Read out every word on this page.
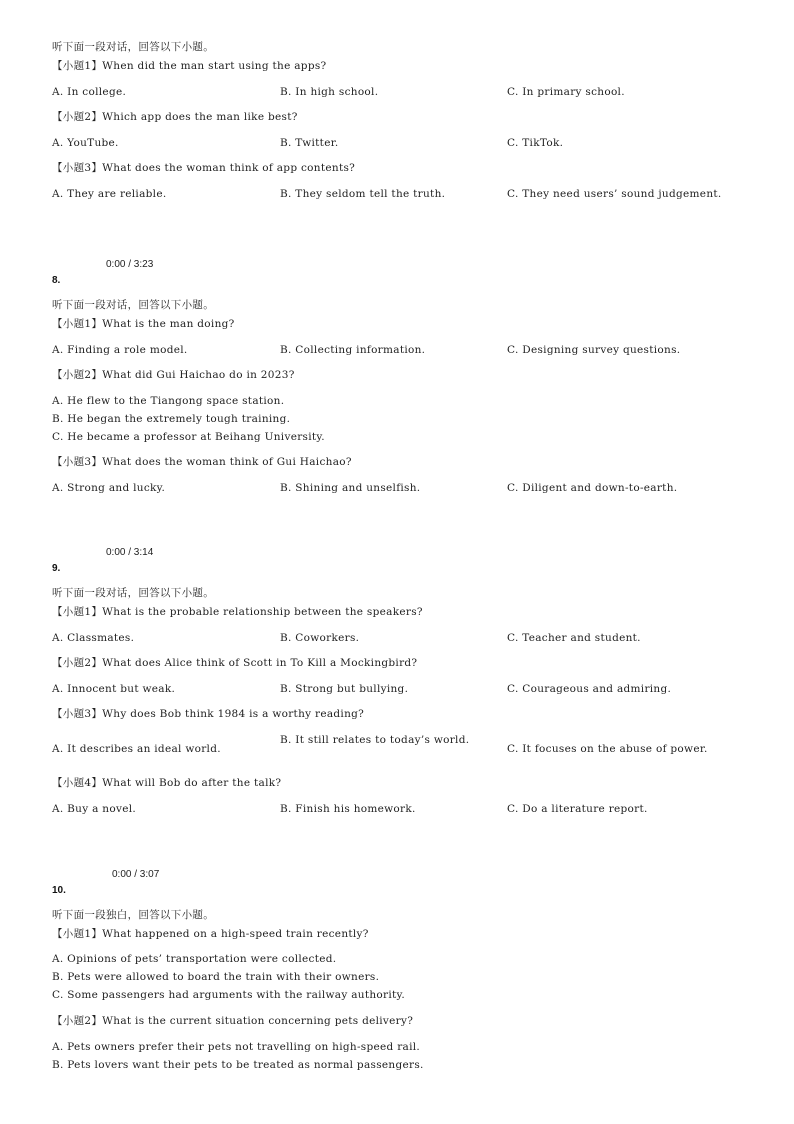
听下面一段对话，回答以下小题。
【小题1】When did the man start using the apps?
A. In college.	B. In high school.	C. In primary school.
【小题2】Which app does the man like best?
A. YouTube.	B. Twitter.	C. TikTok.
【小题3】What does the woman think of app contents?
A. They are reliable.	B. They seldom tell the truth.	C. They need users’ sound judgement.
0:00 / 3:23
8.
听下面一段对话，回答以下小题。
【小题1】What is the man doing?
A. Finding a role model.	B. Collecting information.	C. Designing survey questions.
【小题2】What did Gui Haichao do in 2023?
A. He flew to the Tiangong space station.
B. He began the extremely tough training.
C. He became a professor at Beihang University.
【小题3】What does the woman think of Gui Haichao?
A. Strong and lucky.	B. Shining and unselfish.	C. Diligent and down-to-earth.
0:00 / 3:14
9.
听下面一段对话，回答以下小题。
【小题1】What is the probable relationship between the speakers?
A. Classmates.	B. Coworkers.	C. Teacher and student.
【小题2】What does Alice think of Scott in To Kill a Mockingbird?
A. Innocent but weak.	B. Strong but bullying.	C. Courageous and admiring.
【小题3】Why does Bob think 1984 is a worthy reading?
A. It describes an ideal world.
B. It still relates to today’s world.
C. It focuses on the abuse of power.
【小题4】What will Bob do after the talk?
A. Buy a novel.	B. Finish his homework.	C. Do a literature report.
0:00 / 3:07
10.
听下面一段独白，回答以下小题。
【小题1】What happened on a high-speed train recently?
A. Opinions of pets’ transportation were collected.
B. Pets were allowed to board the train with their owners.
C. Some passengers had arguments with the railway authority.
【小题2】What is the current situation concerning pets delivery?
A. Pets owners prefer their pets not travelling on high-speed rail.
B. Pets lovers want their pets to be treated as normal passengers.
